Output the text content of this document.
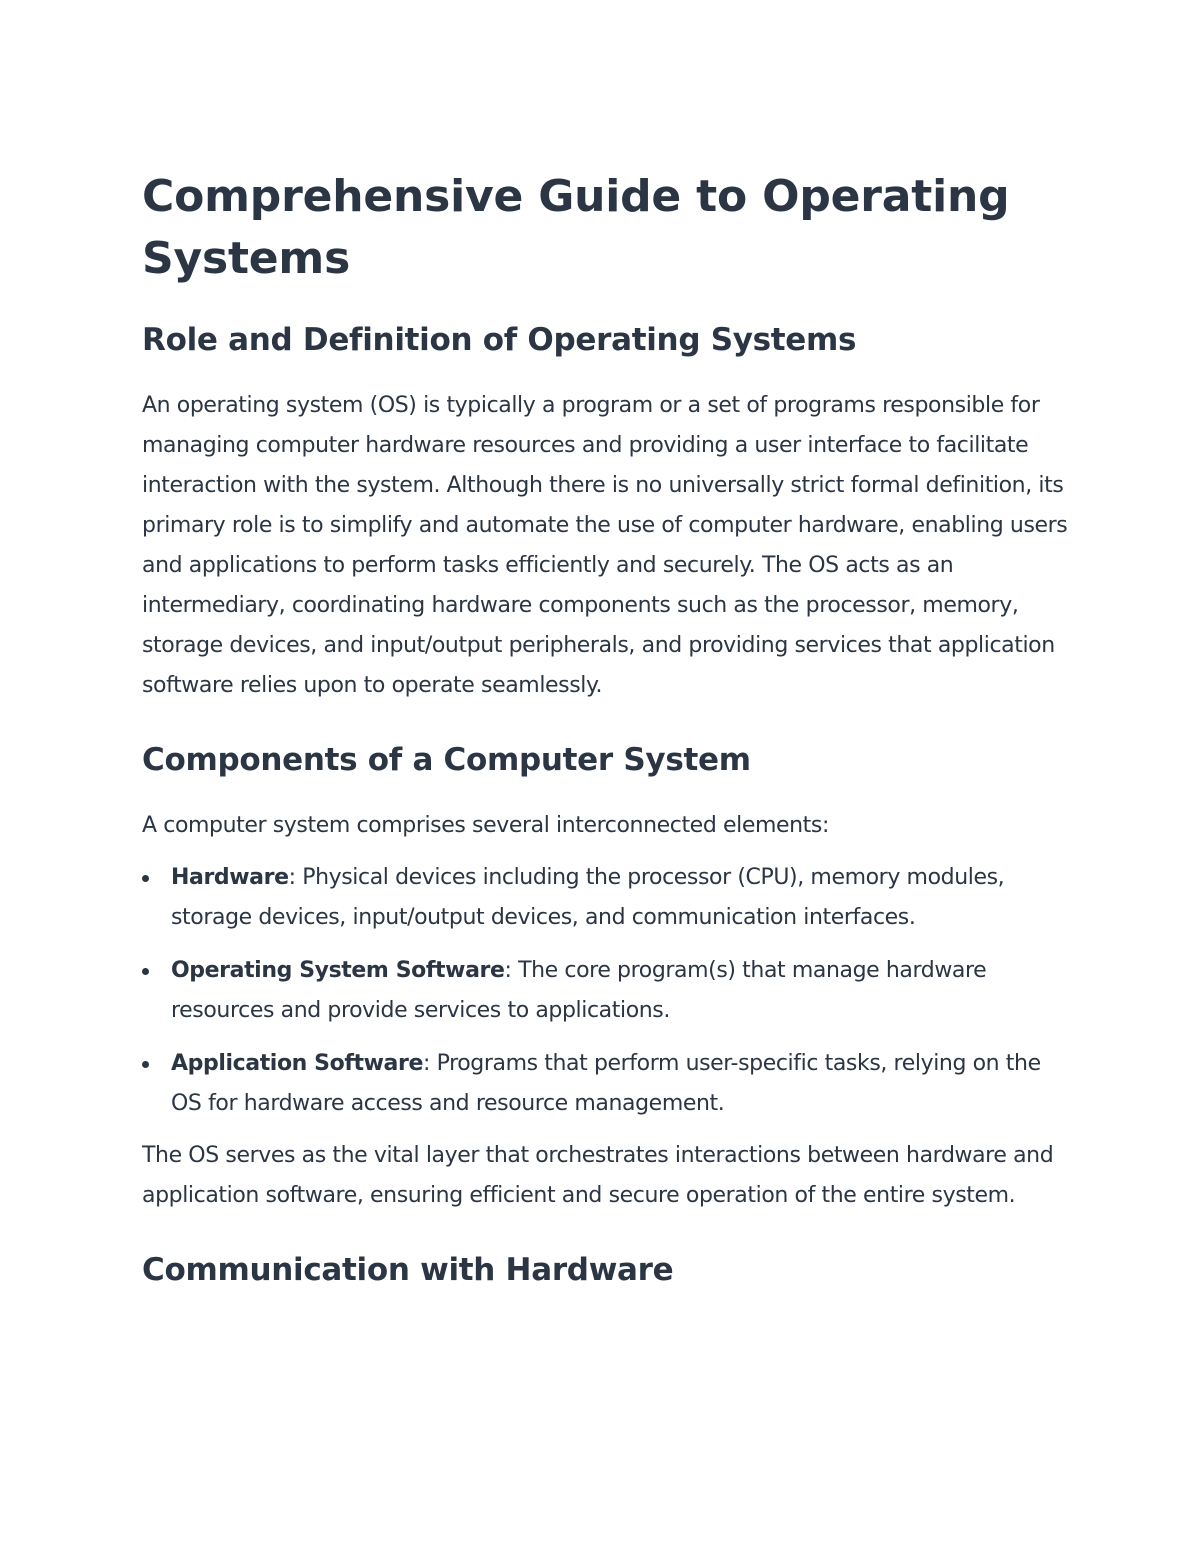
Comprehensive Guide to Operating Systems
Role and Definition of Operating Systems

An operating system (OS) is typically a program or a set of programs responsible for managing computer hardware resources and providing a user interface to facilitate interaction with the system. Although there is no universally strict formal definition, its primary role is to simplify and automate the use of computer hardware, enabling users and applications to perform tasks efficiently and securely. The OS acts as an intermediary, coordinating hardware components such as the processor, memory, storage devices, and input/output peripherals, and providing services that application software relies upon to operate seamlessly.

Components of a Computer System

A computer system comprises several interconnected elements:

Hardware: Physical devices including the processor (CPU), memory modules, storage devices, input/output devices, and communication interfaces.
Operating System Software: The core program(s) that manage hardware resources and provide services to applications.
Application Software: Programs that perform user-specific tasks, relying on the OS for hardware access and resource management.

The OS serves as the vital layer that orchestrates interactions between hardware and application software, ensuring efficient and secure operation of the entire system.

Communication with Hardware
